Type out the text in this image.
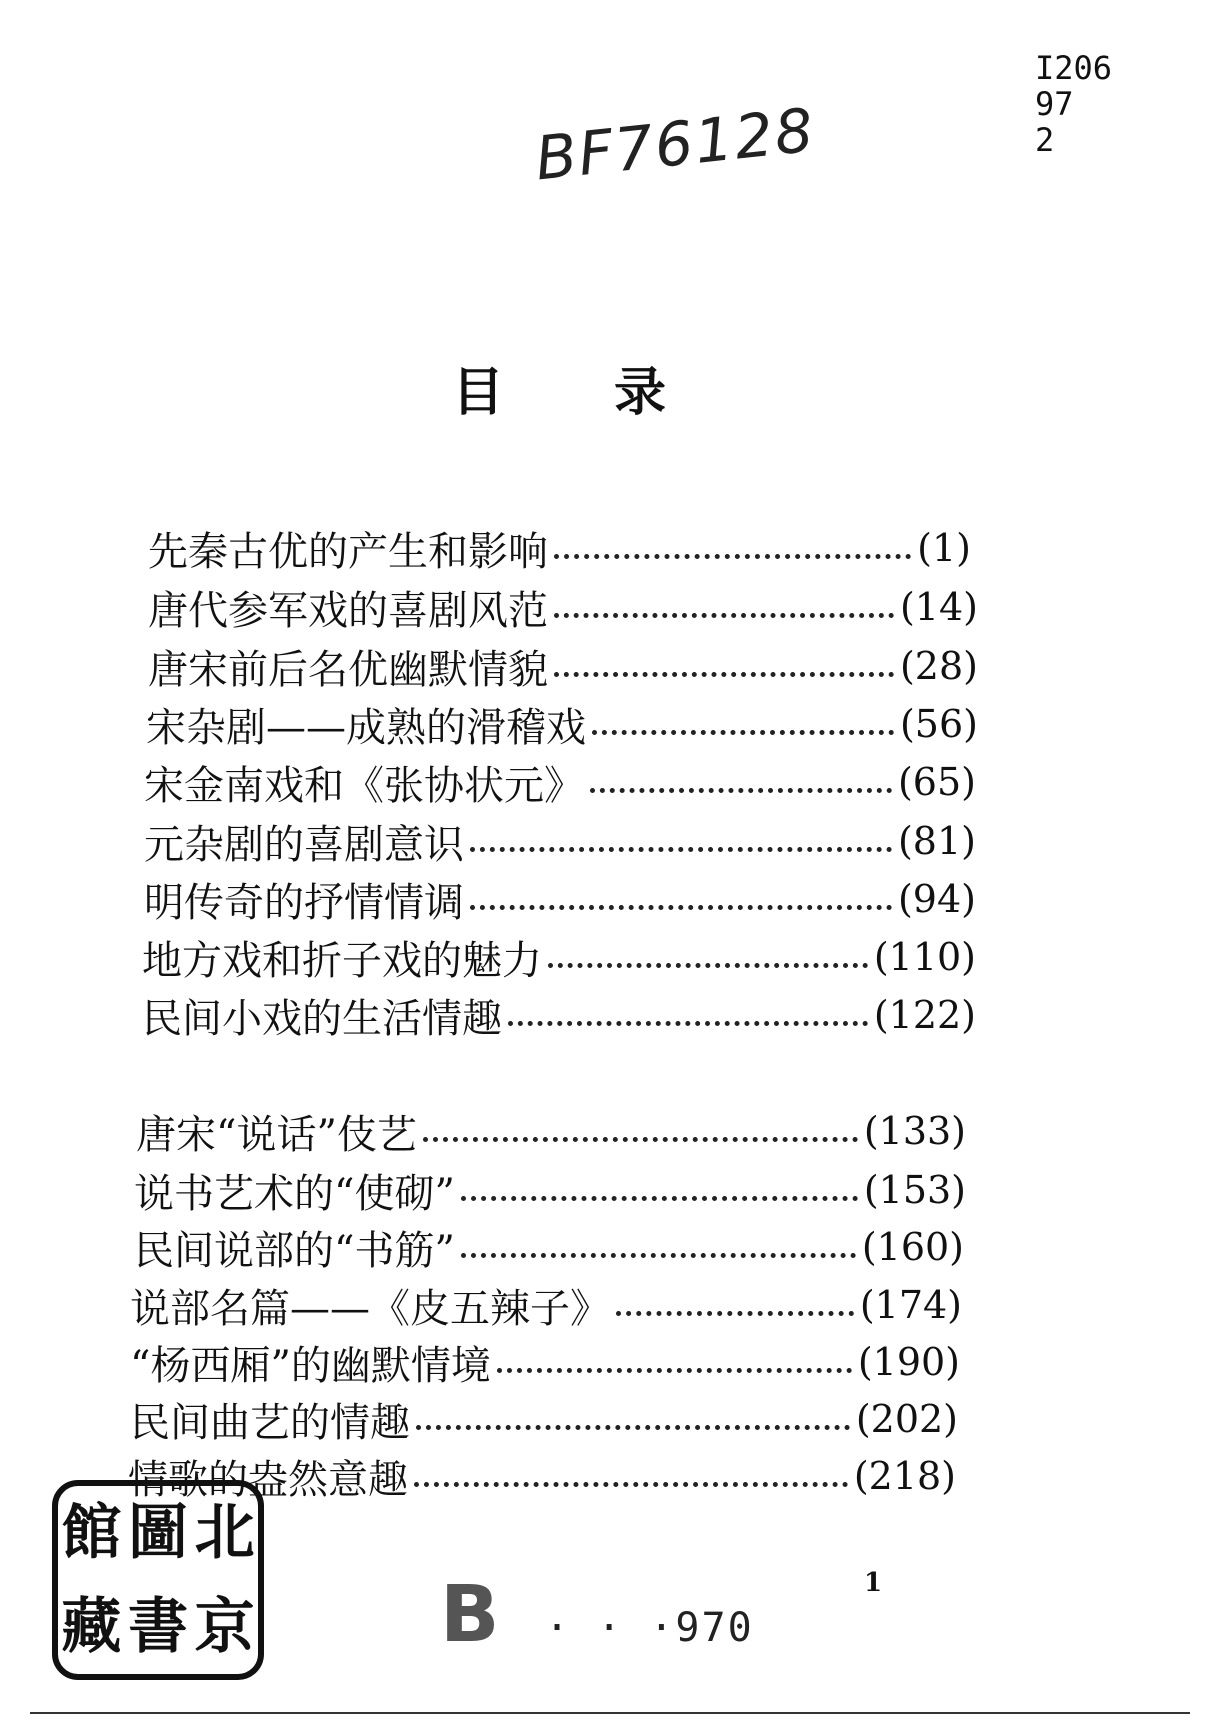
I206
97
2
BF76128
目录
先秦古优的产生和影响	(1)
唐代参军戏的喜剧风范	(14)
唐宋前后名优幽默情貌	(28)
宋杂剧——成熟的滑稽戏	(56)
宋金南戏和《张协状元》	(65)
元杂剧的喜剧意识	(81)
明传奇的抒情情调	(94)
地方戏和折子戏的魅力	(110)
民间小戏的生活情趣	(122)
唐宋“说话”伎艺	(133)
说书艺术的“使砌”	(153)
民间说部的“书筋”	(160)
说部名篇——《皮五辣子》	(174)
“杨西厢”的幽默情境	(190)
民间曲艺的情趣	(202)
情歌的盎然意趣	(218)
館 圖 北
藏 書 京 B · · ·970
1
